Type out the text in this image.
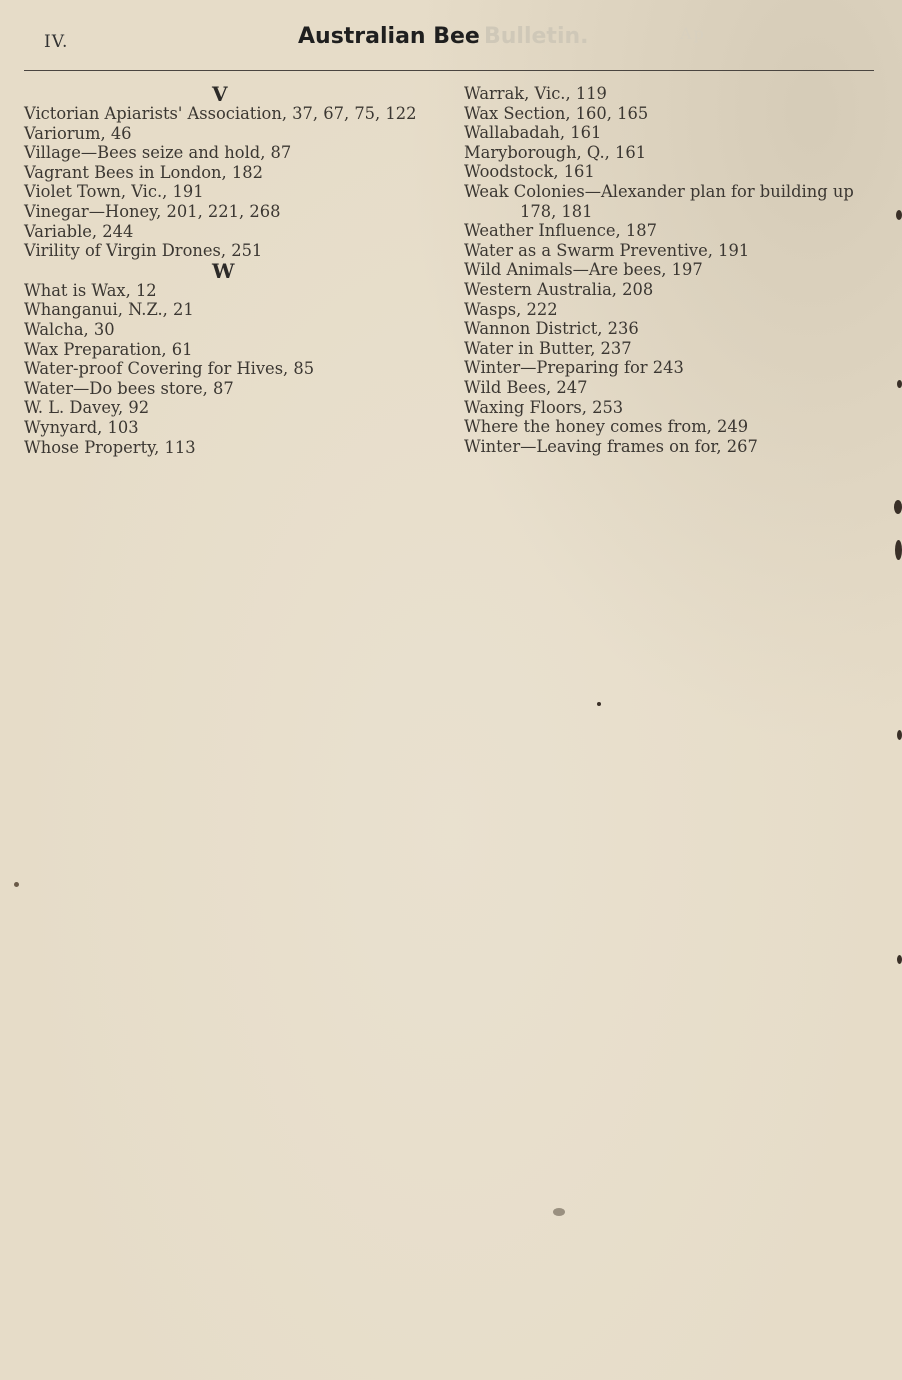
IV.	Australian Bee Bulletin.	Ap
V
Victorian Apiarists' Association, 37, 67, 75, 122
Variorum, 46
Village—Bees seize and hold, 87
Vagrant Bees in London, 182
Violet Town, Vic., 191
Vinegar—Honey, 201, 221, 268
Variable, 244
Virility of Virgin Drones, 251
W
What is Wax, 12
Whanganui, N.Z., 21
Walcha, 30
Wax Preparation, 61
Water-proof Covering for Hives, 85
Water—Do bees store, 87
W. L. Davey, 92
Wynyard, 103
Whose Property, 113
Warrak, Vic., 119
Wax Section, 160, 165
Wallabadah, 161
Maryborough, Q., 161
Woodstock, 161
Weak Colonies—Alexander plan for building up
178, 181
Weather Influence, 187
Water as a Swarm Preventive, 191
Wild Animals—Are bees, 197
Western Australia, 208
Wasps, 222
Wannon District, 236
Water in Butter, 237
Winter—Preparing for 243
Wild Bees, 247
Waxing Floors, 253
Where the honey comes from, 249
Winter—Leaving frames on for, 267
